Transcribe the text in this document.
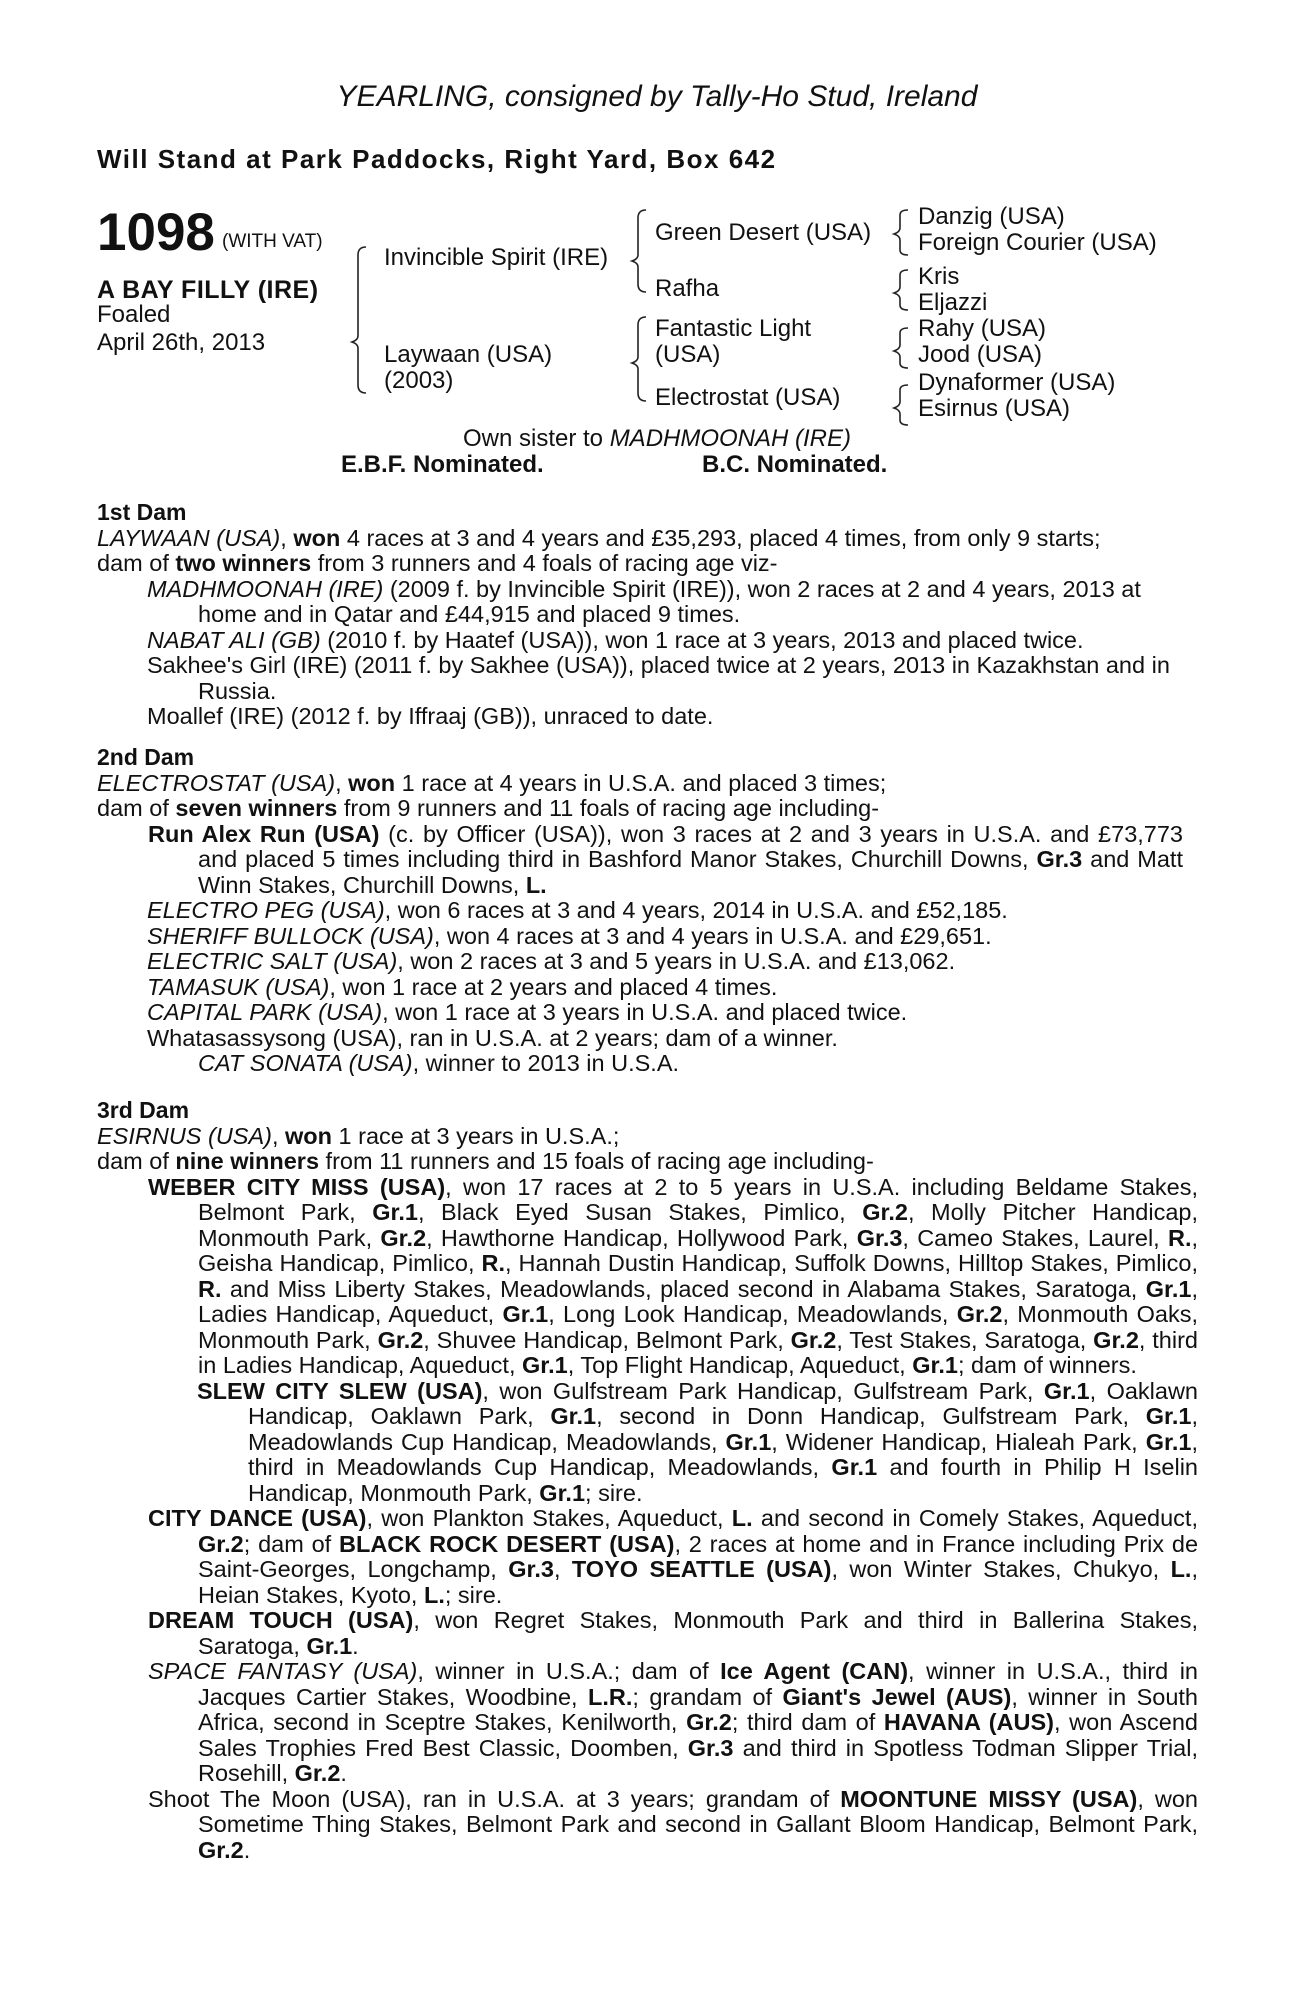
YEARLING, consigned by Tally-Ho Stud, Ireland
Will Stand at Park Paddocks, Right Yard, Box 642
1098 (WITH VAT)
A BAY FILLY (IRE)
Foaled
April 26th, 2013
Invincible Spirit (IRE)
Laywaan (USA)
(2003)
Green Desert (USA)
Rafha
Fantastic Light
(USA)
Electrostat (USA)
Danzig (USA)
Foreign Courier (USA)
Kris
Eljazzi
Rahy (USA)
Jood (USA)
Dynaformer (USA)
Esirnus (USA)
Own sister to MADHMOONAH (IRE)
E.B.F. Nominated.	B.C. Nominated.

1st Dam

LAYWAAN (USA), won 4 races at 3 and 4 years and £35,293, placed 4 times, from only 9 starts;

dam of two winners from 3 runners and 4 foals of racing age viz-

MADHMOONAH (IRE) (2009 f. by Invincible Spirit (IRE)), won 2 races at 2 and 4 years, 2013 at home and in Qatar and £44,915 and placed 9 times.

NABAT ALI (GB) (2010 f. by Haatef (USA)), won 1 race at 3 years, 2013 and placed twice.

Sakhee's Girl (IRE) (2011 f. by Sakhee (USA)), placed twice at 2 years, 2013 in Kazakhstan and in Russia.

Moallef (IRE) (2012 f. by Iffraaj (GB)), unraced to date.

2nd Dam

ELECTROSTAT (USA), won 1 race at 4 years in U.S.A. and placed 3 times;

dam of seven winners from 9 runners and 11 foals of racing age including-

Run Alex Run (USA) (c. by Officer (USA)), won 3 races at 2 and 3 years in U.S.A. and £73,773 and placed 5 times including third in Bashford Manor Stakes, Churchill Downs, Gr.3 and Matt Winn Stakes, Churchill Downs, L.

ELECTRO PEG (USA), won 6 races at 3 and 4 years, 2014 in U.S.A. and £52,185.

SHERIFF BULLOCK (USA), won 4 races at 3 and 4 years in U.S.A. and £29,651.

ELECTRIC SALT (USA), won 2 races at 3 and 5 years in U.S.A. and £13,062.

TAMASUK (USA), won 1 race at 2 years and placed 4 times.

CAPITAL PARK (USA), won 1 race at 3 years in U.S.A. and placed twice.

Whatasassysong (USA), ran in U.S.A. at 2 years; dam of a winner.

CAT SONATA (USA), winner to 2013 in U.S.A.

3rd Dam

ESIRNUS (USA), won 1 race at 3 years in U.S.A.;

dam of nine winners from 11 runners and 15 foals of racing age including-

WEBER CITY MISS (USA), won 17 races at 2 to 5 years in U.S.A. including Beldame Stakes, Belmont Park, Gr.1, Black Eyed Susan Stakes, Pimlico, Gr.2, Molly Pitcher Handicap, Monmouth Park, Gr.2, Hawthorne Handicap, Hollywood Park, Gr.3, Cameo Stakes, Laurel, R., Geisha Handicap, Pimlico, R., Hannah Dustin Handicap, Suffolk Downs, Hilltop Stakes, Pimlico, R. and Miss Liberty Stakes, Meadowlands, placed second in Alabama Stakes, Saratoga, Gr.1, Ladies Handicap, Aqueduct, Gr.1, Long Look Handicap, Meadowlands, Gr.2, Monmouth Oaks, Monmouth Park, Gr.2, Shuvee Handicap, Belmont Park, Gr.2, Test Stakes, Saratoga, Gr.2, third in Ladies Handicap, Aqueduct, Gr.1, Top Flight Handicap, Aqueduct, Gr.1; dam of winners.

SLEW CITY SLEW (USA), won Gulfstream Park Handicap, Gulfstream Park, Gr.1, Oaklawn Handicap, Oaklawn Park, Gr.1, second in Donn Handicap, Gulfstream Park, Gr.1, Meadowlands Cup Handicap, Meadowlands, Gr.1, Widener Handicap, Hialeah Park, Gr.1, third in Meadowlands Cup Handicap, Meadowlands, Gr.1 and fourth in Philip H Iselin Handicap, Monmouth Park, Gr.1; sire.

CITY DANCE (USA), won Plankton Stakes, Aqueduct, L. and second in Comely Stakes, Aqueduct, Gr.2; dam of BLACK ROCK DESERT (USA), 2 races at home and in France including Prix de Saint-Georges, Longchamp, Gr.3, TOYO SEATTLE (USA), won Winter Stakes, Chukyo, L., Heian Stakes, Kyoto, L.; sire.

DREAM TOUCH (USA), won Regret Stakes, Monmouth Park and third in Ballerina Stakes, Saratoga, Gr.1.

SPACE FANTASY (USA), winner in U.S.A.; dam of Ice Agent (CAN), winner in U.S.A., third in Jacques Cartier Stakes, Woodbine, L.R.; grandam of Giant's Jewel (AUS), winner in South Africa, second in Sceptre Stakes, Kenilworth, Gr.2; third dam of HAVANA (AUS), won Ascend Sales Trophies Fred Best Classic, Doomben, Gr.3 and third in Spotless Todman Slipper Trial, Rosehill, Gr.2.

Shoot The Moon (USA), ran in U.S.A. at 3 years; grandam of MOONTUNE MISSY (USA), won Sometime Thing Stakes, Belmont Park and second in Gallant Bloom Handicap, Belmont Park, Gr.2.
